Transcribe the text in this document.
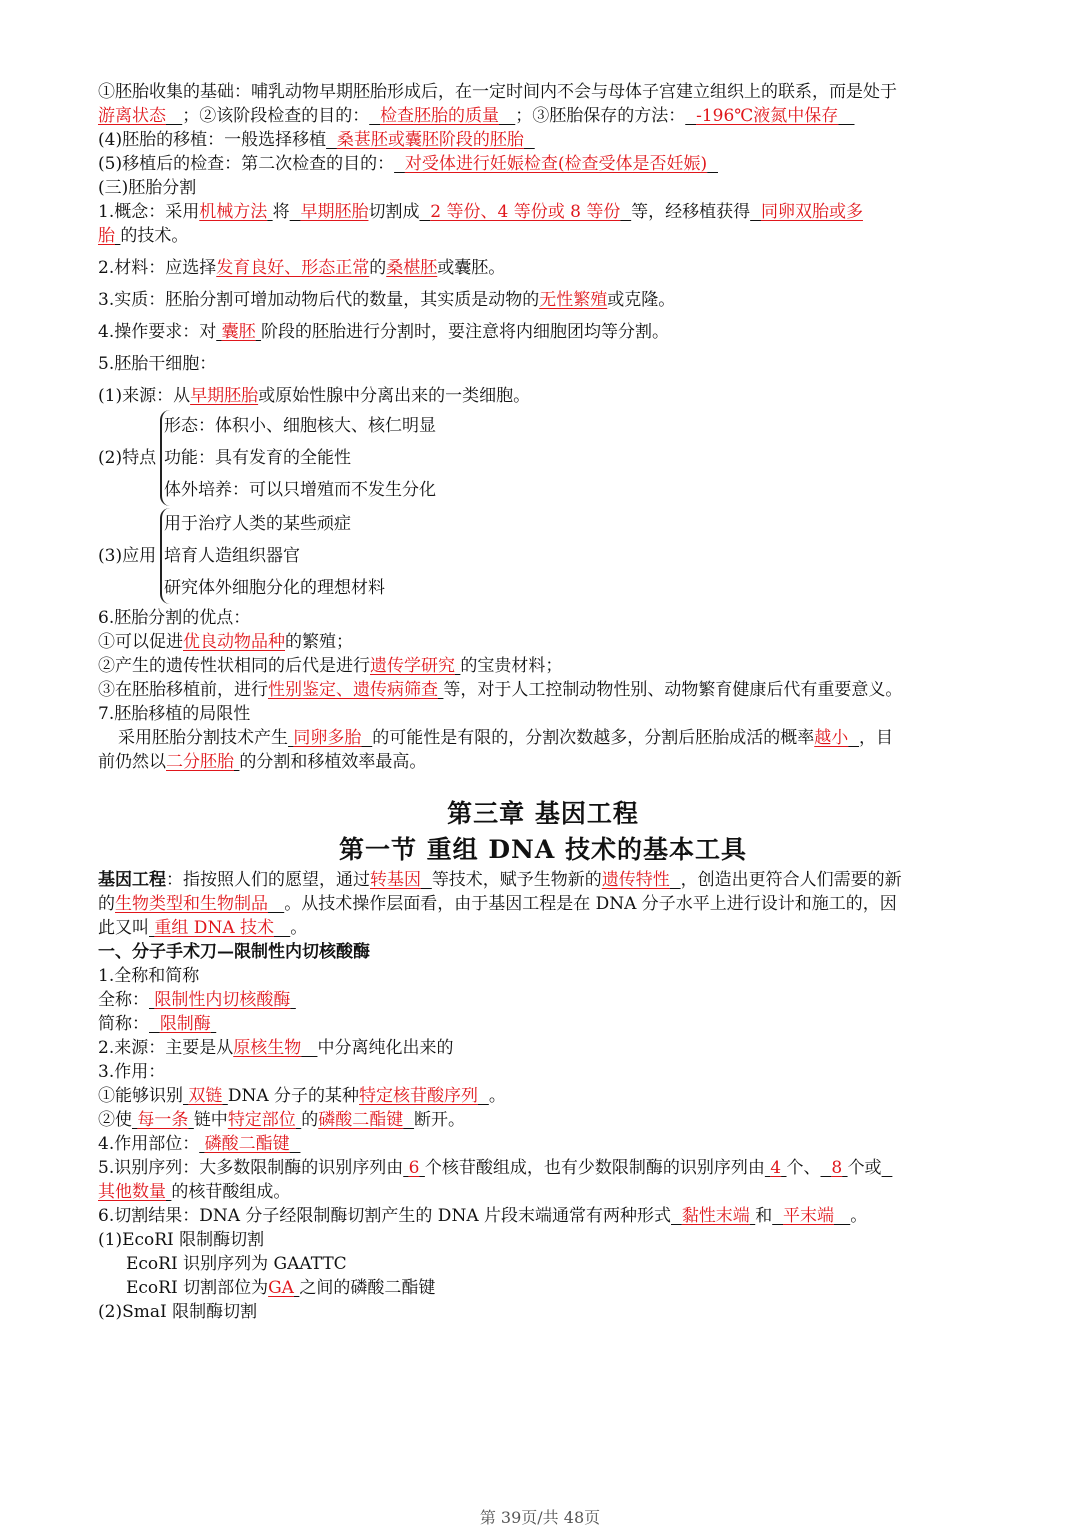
①胚胎收集的基础：哺乳动物早期胚胎形成后，在一定时间内不会与母体子宫建立组织上的联系，而是处于
游离状态 ；②该阶段检查的目的： 检查胚胎的质量 ；③胚胎保存的方法： -196℃液氮中保存
(4)胚胎的移植：一般选择移植 桑葚胚或囊胚阶段的胚胎
(5)移植后的检查：第二次检查的目的： 对受体进行妊娠检查(检查受体是否妊娠)
(三)胚胎分割
1.概念：采用机械方法 将 早期胚胎切割成 2 等份、4 等份或 8 等份 等，经移植获得 同卵双胎或多
胎 的技术。
2.材料：应选择发育良好、形态正常的桑椹胚或囊胚。
3.实质：胚胎分割可增加动物后代的数量，其实质是动物的无性繁殖或克隆。
4.操作要求：对 囊胚 阶段的胚胎进行分割时，要注意将内细胞团均等分割。
5.胚胎干细胞：
(1)来源：从早期胚胎或原始性腺中分离出来的一类细胞。
(2)特点
形态：体积小、细胞核大、核仁明显
功能：具有发育的全能性
体外培养：可以只增殖而不发生分化
(3)应用
用于治疗人类的某些顽症
培育人造组织器官
研究体外细胞分化的理想材料
6.胚胎分割的优点：
①可以促进优良动物品种的繁殖；
②产生的遗传性状相同的后代是进行遗传学研究 的宝贵材料；
③在胚胎移植前，进行性别鉴定、遗传病筛查 等，对于人工控制动物性别、动物繁育健康后代有重要意义。
7.胚胎移植的局限性
采用胚胎分割技术产生 同卵多胎 的可能性是有限的，分割次数越多，分割后胚胎成活的概率越小 ，目
前仍然以二分胚胎 的分割和移植效率最高。
第三章 基因工程
第一节 重组 DNA 技术的基本工具
基因工程：指按照人们的愿望，通过转基因 等技术，赋予生物新的遗传特性 ，创造出更符合人们需要的新
的生物类型和生物制品 。从技术操作层面看，由于基因工程是在 DNA 分子水平上进行设计和施工的，因
此又叫 重组 DNA 技术 。
一、分子手术刀—限制性内切核酸酶
1.全称和简称
全称： 限制性内切核酸酶
简称： 限制酶
2.来源：主要是从原核生物 中分离纯化出来的
3.作用：
①能够识别 双链 DNA 分子的某种特定核苷酸序列 。
②使 每一条 链中特定部位 的磷酸二酯键 断开。
4.作用部位： 磷酸二酯键
5.识别序列：大多数限制酶的识别序列由 6 个核苷酸组成，也有少数限制酶的识别序列由 4 个、 8 个或
其他数量 的核苷酸组成。
6.切割结果：DNA 分子经限制酶切割产生的 DNA 片段末端通常有两种形式 黏性末端 和 平末端 。
(1)EcoRⅠ 限制酶切割
EcoRⅠ 识别序列为 GAATTC
EcoRⅠ 切割部位为GA 之间的磷酸二酯键
(2)SmaⅠ 限制酶切割
第 39页/共 48页
